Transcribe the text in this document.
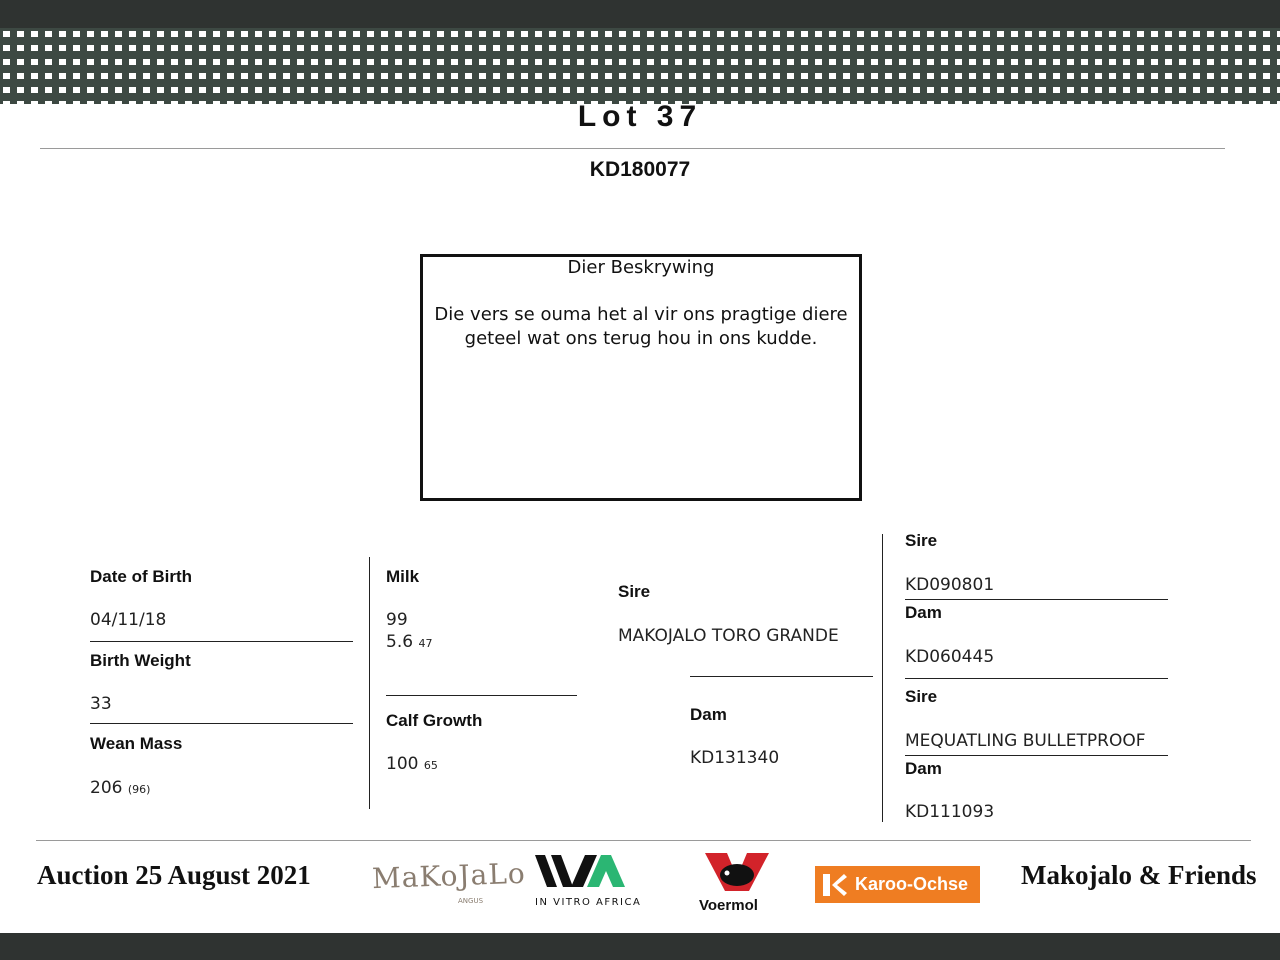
Lot 37
KD180077
Dier Beskrywing
Die vers se ouma het al vir ons pragtige diere geteel wat ons terug hou in ons kudde.
Date of Birth
04/11/18
Birth Weight
33
Wean Mass
206 (96)
Milk
99
5.6 47
Calf Growth
100 65
Sire
MAKOJALO TORO GRANDE
Dam
KD131340
Sire
KD090801
Dam
KD060445
Sire
MEQUATLING BULLETPROOF
Dam
KD111093
Auction 25 August 2021	Makojalo & Friends
MaKoJaLo
ANGUS	IN VITRO AFRICA	Voermol
Karoo-Ochse
